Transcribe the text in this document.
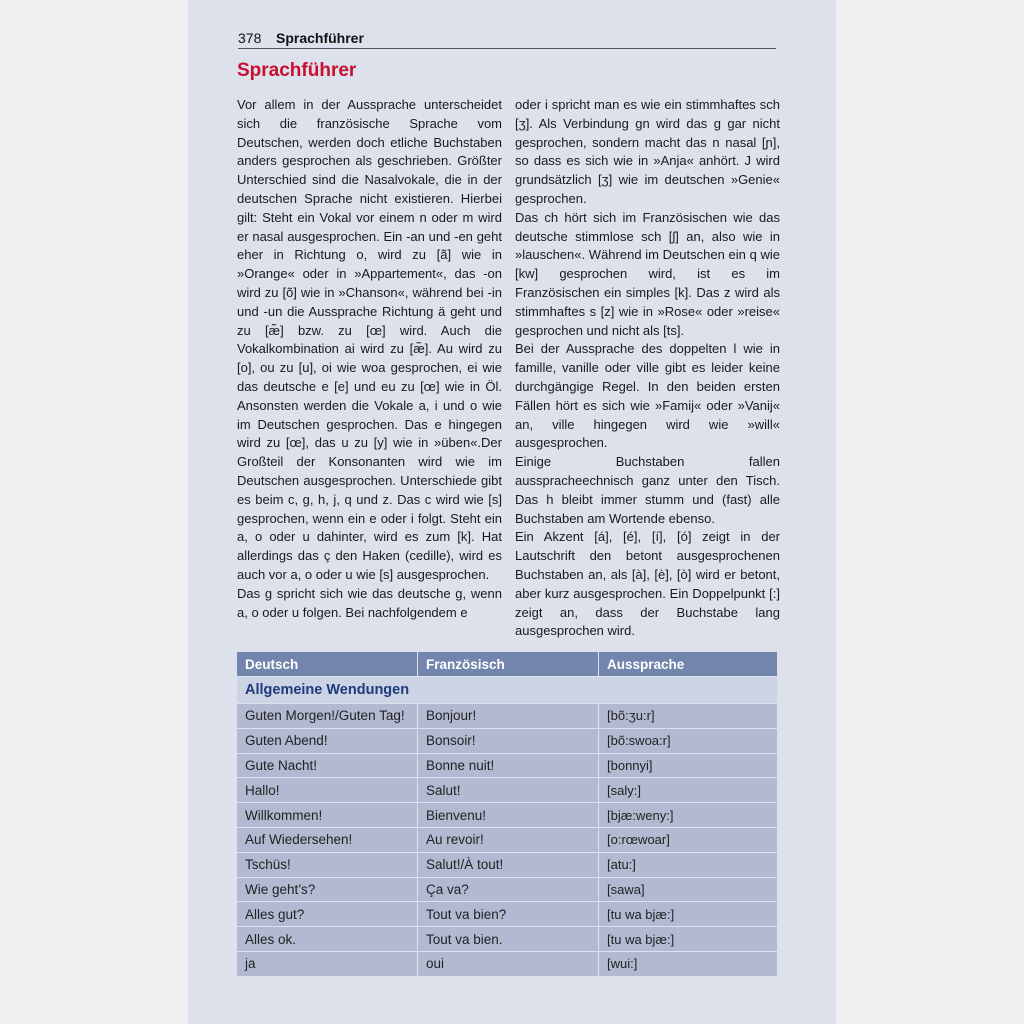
378 Sprachführer
Sprachführer

Vor allem in der Aussprache unterscheidet sich die französische Sprache vom Deutschen, werden doch etliche Buchstaben anders gesprochen als geschrieben. Größter Unterschied sind die Nasalvokale, die in der deutschen Sprache nicht existieren. Hierbei gilt: Steht ein Vokal vor einem n oder m wird er nasal ausgesprochen. Ein -an und -en geht eher in Richtung o, wird zu [ã] wie in »Orange« oder in »Appartement«, das -on wird zu [õ] wie in »Chanson«, während bei -in und -un die Aussprache Richtung ä geht und zu [æ̃] bzw. zu [œ] wird. Auch die Vokalkombination ai wird zu [æ̃]. Au wird zu [o], ou zu [u], oi wie woa gesprochen, ei wie das deutsche e [e] und eu zu [œ] wie in Öl. Ansonsten werden die Vokale a, i und o wie im Deutschen gesprochen. Das e hingegen wird zu [œ], das u zu [y] wie in »üben«.Der Großteil der Konsonanten wird wie im Deutschen ausgesprochen. Unterschiede gibt es beim c, g, h, j, q und z. Das c wird wie [s] gesprochen, wenn ein e oder i folgt. Steht ein a, o oder u dahinter, wird es zum [k]. Hat allerdings das ç den Haken (cedille), wird es auch vor a, o oder u wie [s] ausgesprochen.

Das g spricht sich wie das deutsche g, wenn a, o oder u folgen. Bei nachfolgendem e

oder i spricht man es wie ein stimmhaftes sch [ʒ]. Als Verbindung gn wird das g gar nicht gesprochen, sondern macht das n nasal [ɲ], so dass es sich wie in »Anja« anhört. J wird grundsätzlich [ʒ] wie im deutschen »Genie« gesprochen.

Das ch hört sich im Französischen wie das deutsche stimmlose sch [ʃ] an, also wie in »lauschen«. Während im Deutschen ein q wie [kw] gesprochen wird, ist es im Französischen ein simples [k]. Das z wird als stimmhaftes s [z] wie in »Rose« oder »reise« gesprochen und nicht als [ts].

Bei der Aussprache des doppelten l wie in famille, vanille oder ville gibt es leider keine durchgängige Regel. In den beiden ersten Fällen hört es sich wie »Famij« oder »Vanij« an, ville hingegen wird wie »will« ausgesprochen.

Einige Buchstaben fallen ausspracheechnisch ganz unter den Tisch. Das h bleibt immer stumm und (fast) alle Buchstaben am Wortende ebenso.

Ein Akzent [á], [é], [í], [ó] zeigt in der Lautschrift den betont ausgesprochenen Buchstaben an, als [à], [è], [ò] wird er betont, aber kurz ausgesprochen. Ein Doppelpunkt [:] zeigt an, dass der Buchstabe lang ausgesprochen wird.

Deutsch	Französisch	Aussprache
Allgemeine Wendungen		
Guten Morgen!/Guten Tag!	Bonjour!	[bõ:ʒu:r]
Guten Abend!	Bonsoir!	[bõ:swoa:r]
Gute Nacht!	Bonne nuit!	[bonnyi]
Hallo!	Salut!	[saly:]
Willkommen!	Bienvenu!	[bjæ:weny:]
Auf Wiedersehen!	Au revoir!	[o:rœwoar]
Tschüs!	Salut!/À tout!	[atu:]
Wie geht’s?	Ça va?	[sawa]
Alles gut?	Tout va bien?	[tu wa bjæ:]
Alles ok.	Tout va bien.	[tu wa bjæ:]
ja	oui	[wui:]
